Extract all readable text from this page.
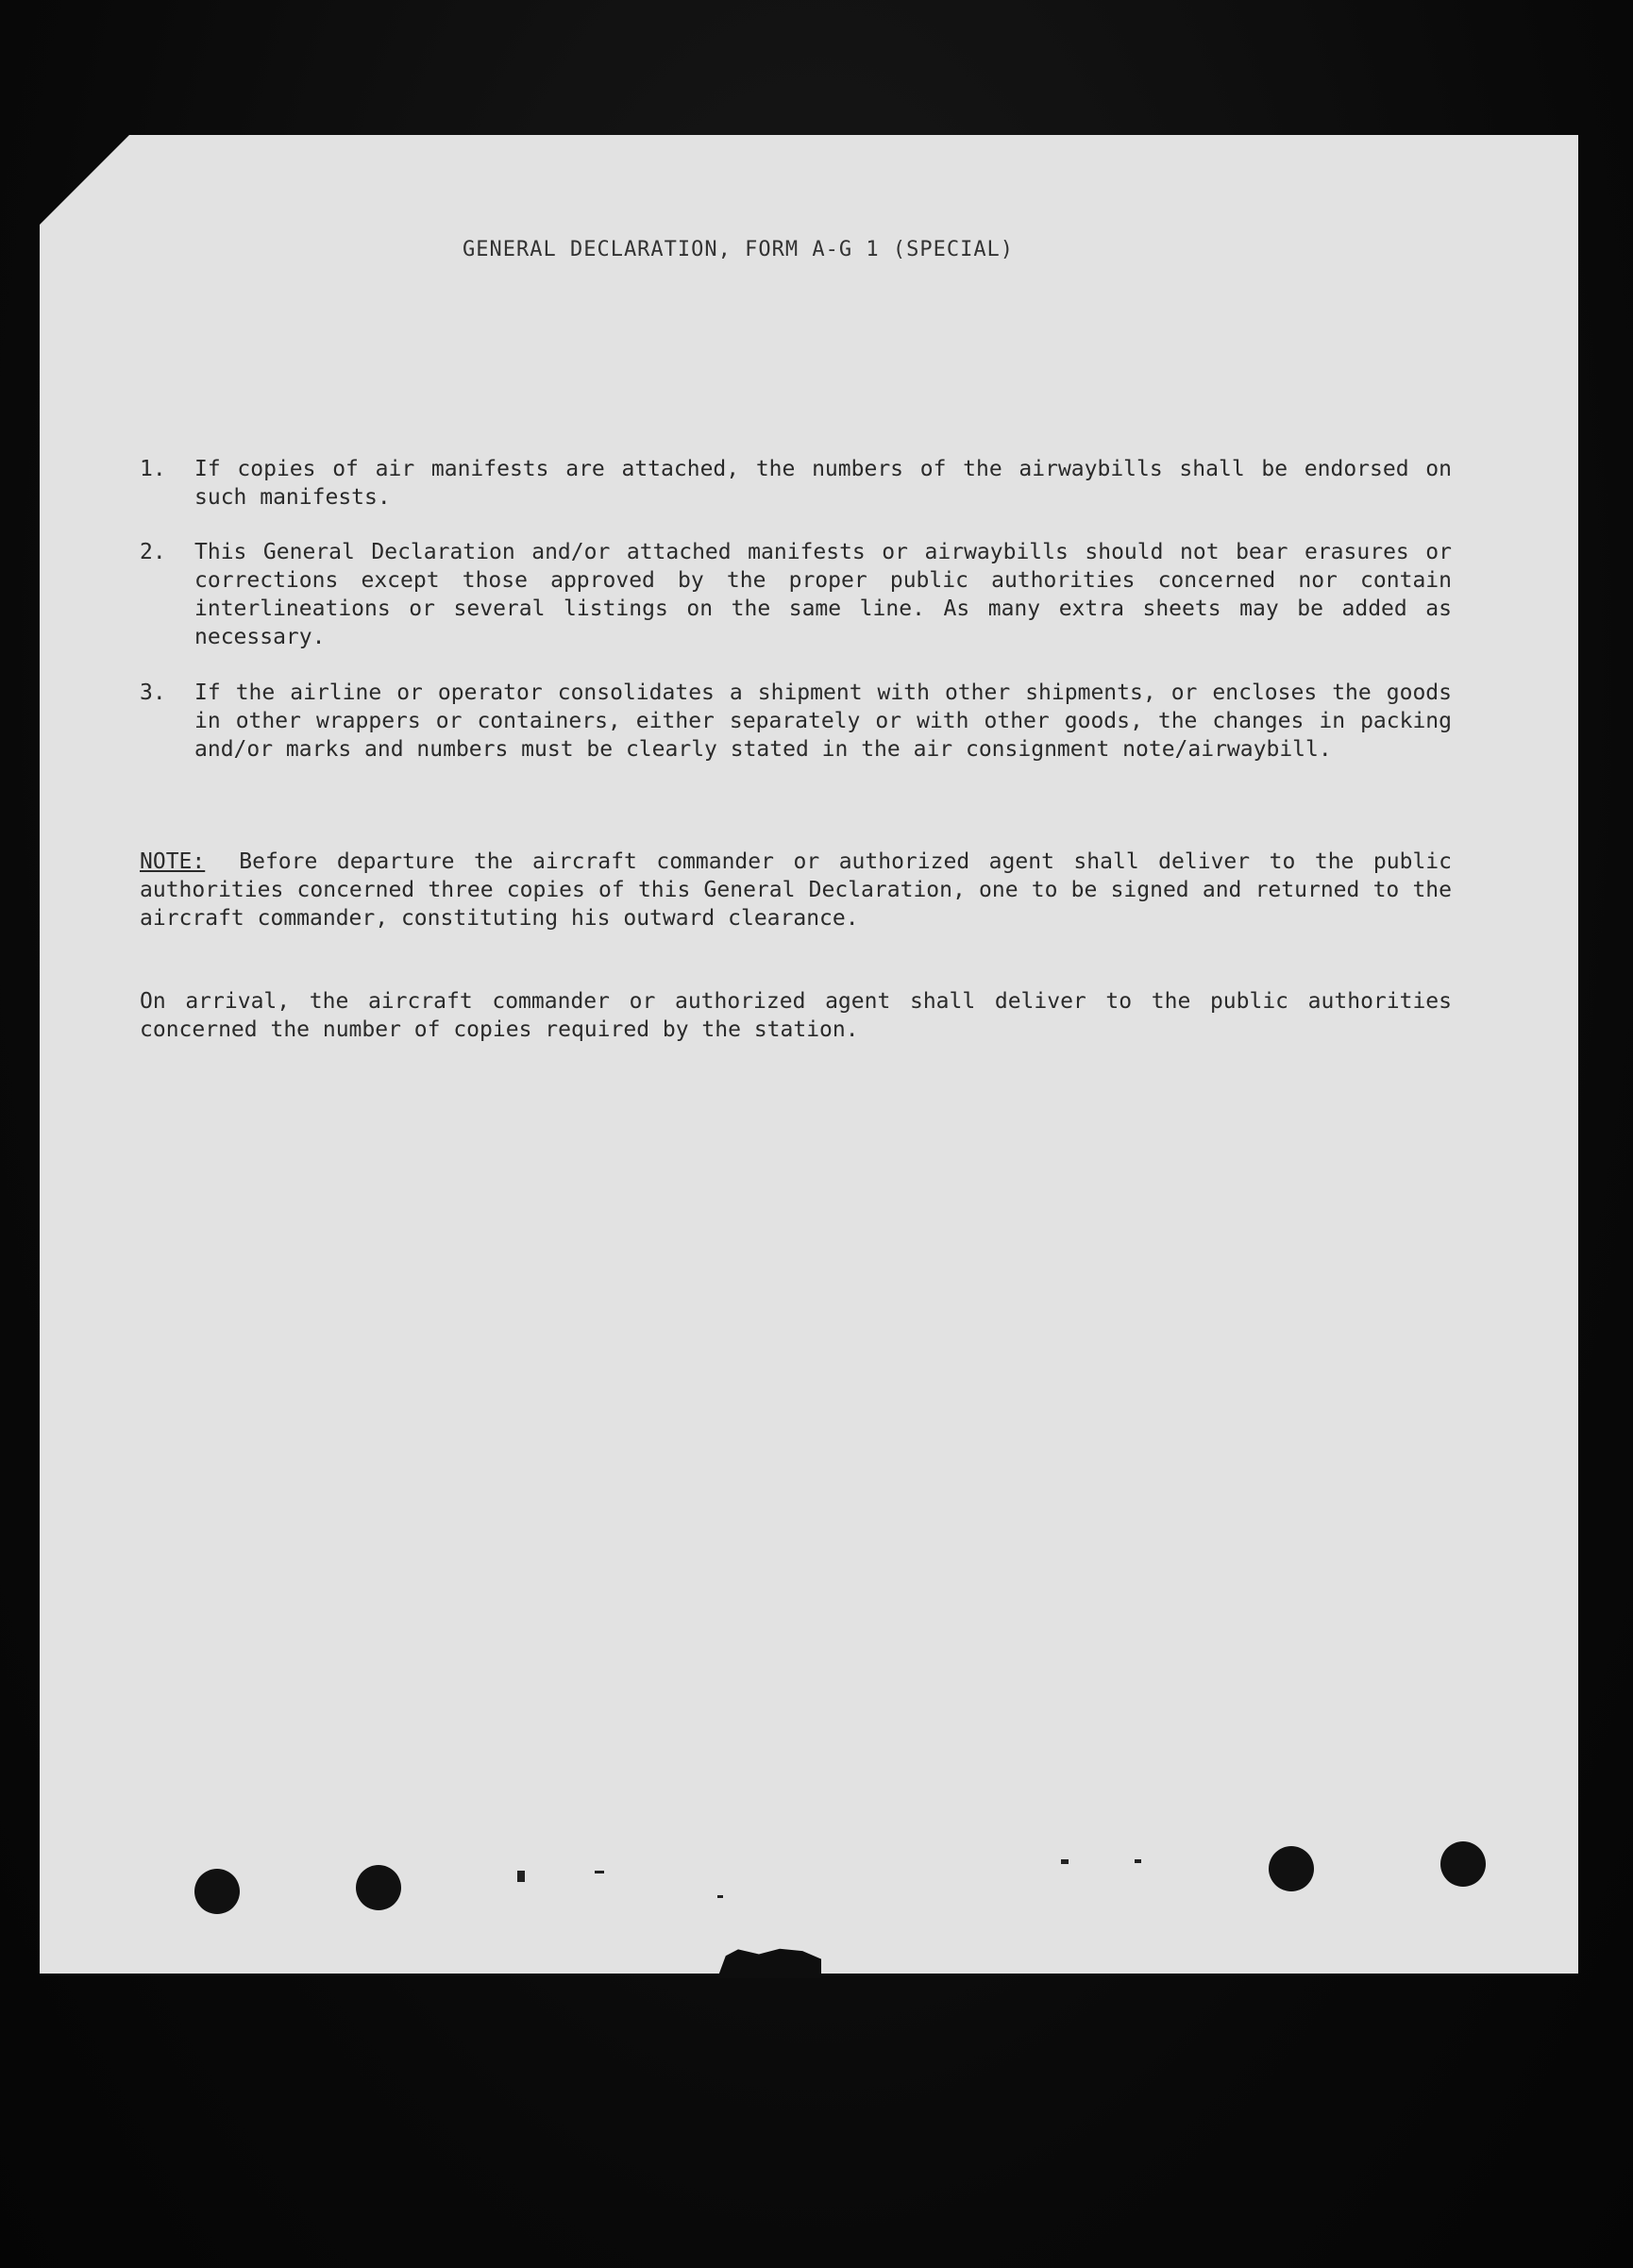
GENERAL DECLARATION, FORM A-G 1 (SPECIAL)
1.	If copies of air manifests are attached, the numbers of the airwaybills shall be endorsed on such manifests.
2.	This General Declaration and/or attached manifests or airwaybills should not bear erasures or corrections except those approved by the proper public authorities concerned nor contain interlineations or several listings on the same line. As many extra sheets may be added as necessary.
3.	If the airline or operator consolidates a shipment with other shipments, or encloses the goods in other wrappers or containers, either separately or with other goods, the changes in packing and/or marks and numbers must be clearly stated in the air consignment note/airwaybill.
NOTE: Before departure the aircraft commander or authorized agent shall deliver to the public authorities concerned three copies of this General Declaration, one to be signed and returned to the aircraft commander, constituting his outward clearance.
On arrival, the aircraft commander or authorized agent shall deliver to the public authorities concerned the number of copies required by the station.
